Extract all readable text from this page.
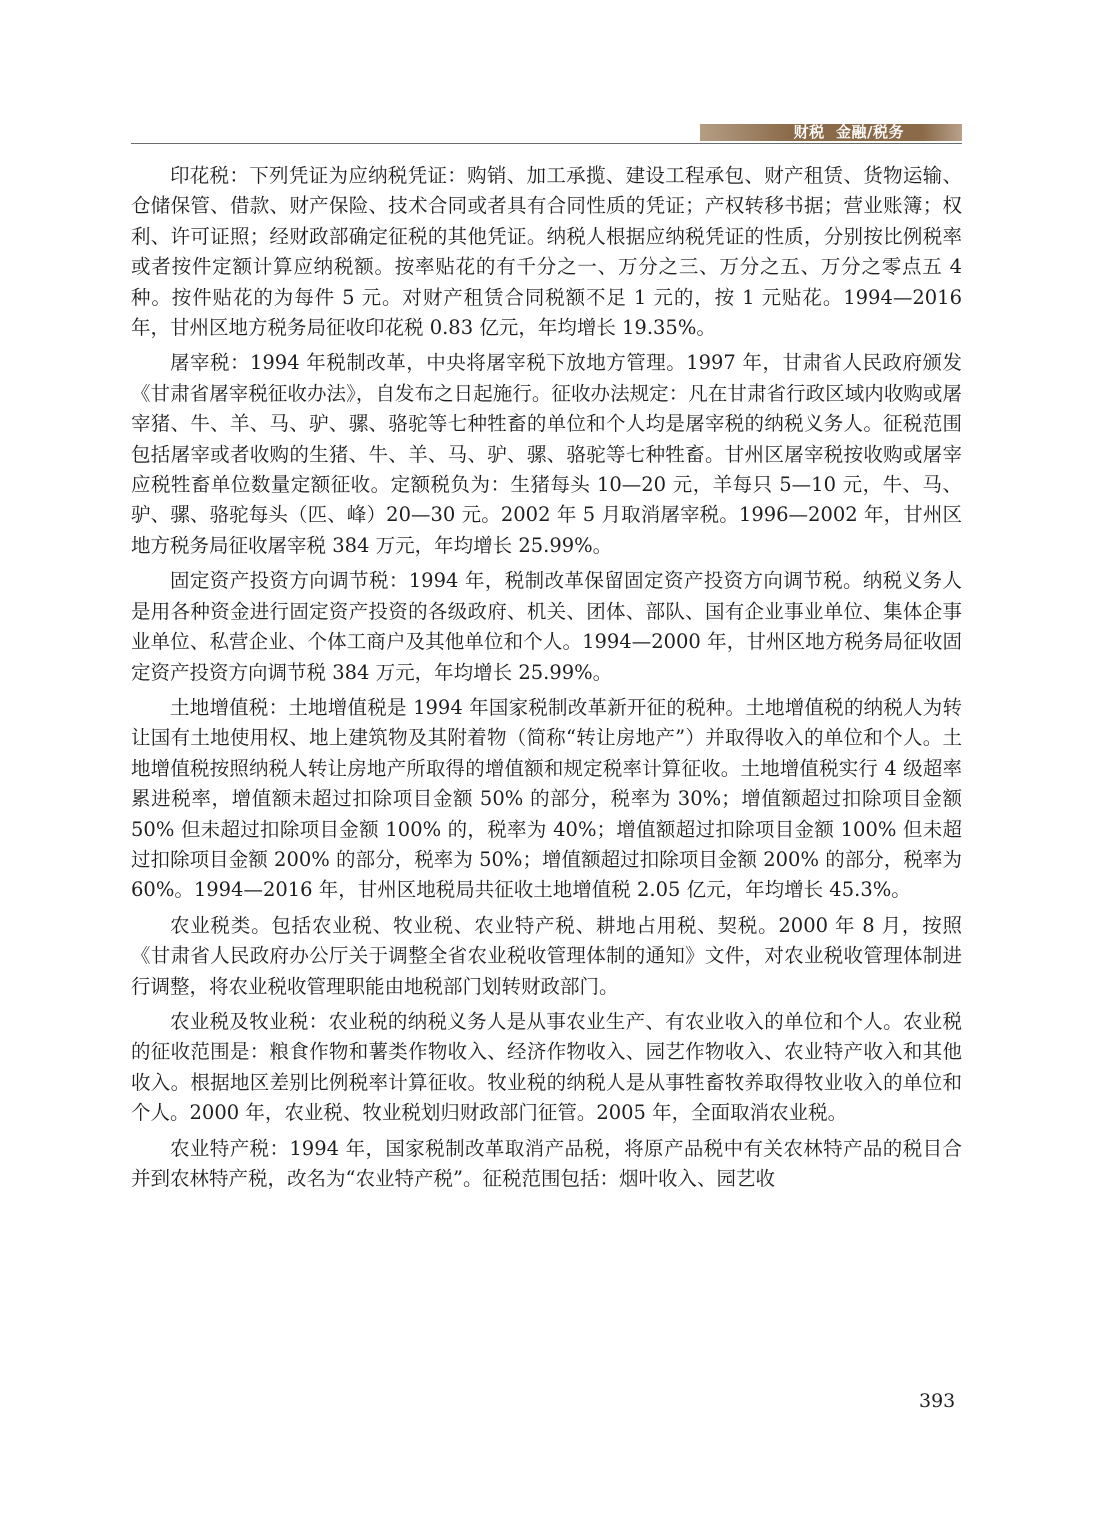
财税  金融/税务

印花税：下列凭证为应纳税凭证：购销、加工承揽、建设工程承包、财产租赁、货物运输、仓储保管、借款、财产保险、技术合同或者具有合同性质的凭证；产权转移书据；营业账簿；权利、许可证照；经财政部确定征税的其他凭证。纳税人根据应纳税凭证的性质，分别按比例税率或者按件定额计算应纳税额。按率贴花的有千分之一、万分之三、万分之五、万分之零点五 4 种。按件贴花的为每件 5 元。对财产租赁合同税额不足 1 元的，按 1 元贴花。1994—2016 年，甘州区地方税务局征收印花税 0.83 亿元，年均增长 19.35%。

屠宰税：1994 年税制改革，中央将屠宰税下放地方管理。1997 年，甘肃省人民政府颁发《甘肃省屠宰税征收办法》，自发布之日起施行。征收办法规定：凡在甘肃省行政区域内收购或屠宰猪、牛、羊、马、驴、骡、骆驼等七种牲畜的单位和个人均是屠宰税的纳税义务人。征税范围包括屠宰或者收购的生猪、牛、羊、马、驴、骡、骆驼等七种牲畜。甘州区屠宰税按收购或屠宰应税牲畜单位数量定额征收。定额税负为：生猪每头 10—20 元，羊每只 5—10 元，牛、马、驴、骡、骆驼每头（匹、峰）20—30 元。2002 年 5 月取消屠宰税。1996—2002 年，甘州区地方税务局征收屠宰税 384 万元，年均增长 25.99%。

固定资产投资方向调节税：1994 年，税制改革保留固定资产投资方向调节税。纳税义务人是用各种资金进行固定资产投资的各级政府、机关、团体、部队、国有企业事业单位、集体企事业单位、私营企业、个体工商户及其他单位和个人。1994—2000 年，甘州区地方税务局征收固定资产投资方向调节税 384 万元，年均增长 25.99%。

土地增值税：土地增值税是 1994 年国家税制改革新开征的税种。土地增值税的纳税人为转让国有土地使用权、地上建筑物及其附着物（简称“转让房地产”）并取得收入的单位和个人。土地增值税按照纳税人转让房地产所取得的增值额和规定税率计算征收。土地增值税实行 4 级超率累进税率，增值额未超过扣除项目金额 50% 的部分，税率为 30%；增值额超过扣除项目金额 50% 但未超过扣除项目金额 100% 的，税率为 40%；增值额超过扣除项目金额 100% 但未超过扣除项目金额 200% 的部分，税率为 50%；增值额超过扣除项目金额 200% 的部分，税率为 60%。1994—2016 年，甘州区地税局共征收土地增值税 2.05 亿元，年均增长 45.3%。

农业税类。包括农业税、牧业税、农业特产税、耕地占用税、契税。2000 年 8 月，按照《甘肃省人民政府办公厅关于调整全省农业税收管理体制的通知》文件，对农业税收管理体制进行调整，将农业税收管理职能由地税部门划转财政部门。

农业税及牧业税：农业税的纳税义务人是从事农业生产、有农业收入的单位和个人。农业税的征收范围是：粮食作物和薯类作物收入、经济作物收入、园艺作物收入、农业特产收入和其他收入。根据地区差别比例税率计算征收。牧业税的纳税人是从事牲畜牧养取得牧业收入的单位和个人。2000 年，农业税、牧业税划归财政部门征管。2005 年，全面取消农业税。

农业特产税：1994 年，国家税制改革取消产品税，将原产品税中有关农林特产品的税目合并到农林特产税，改名为“农业特产税”。征税范围包括：烟叶收入、园艺收

393
